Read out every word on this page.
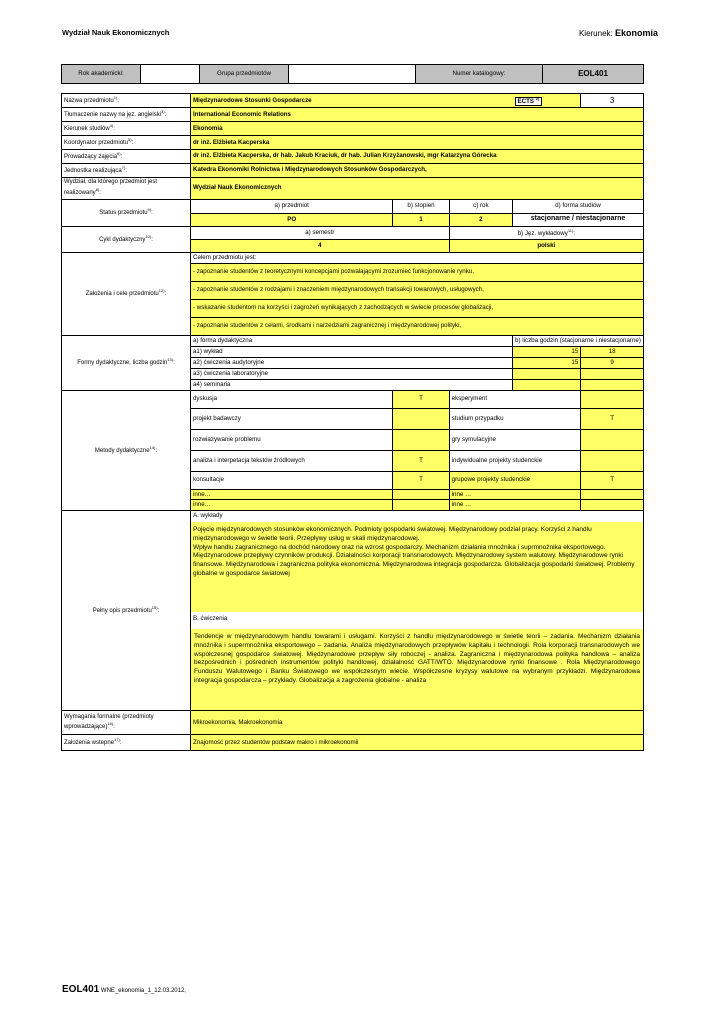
Wydział Nauk Ekonomicznych	Kierunek: Ekonomia
Rok akademicki:		Grupa przedmiotów		Numer katalogowy:	EOL401
Nazwa przedmiotu$^{1)}$:	Międzynarodowe Stosunki Gospodarcze			ECTS $^{2)}$	3
Tłumaczenie nazwy na jęz. angielski$^{3)}$:	International Economic Relations				
Kierunek studiów$^{4)}$:	Ekonomia				
Koordynator przedmiotu$^{5)}$:	dr inż. Elżbieta Kacperska				
Prowadzący zajęcia$^{6)}$:	dr inż. Elżbieta Kacperska, dr hab. Jakub Kraciuk, dr hab. Julian Krzyżanowski, mgr Katarzyna Górecka				
Jednostka realizująca$^{7)}$:	Katedra Ekonomiki Rolnictwa i Międzynarodowych Stosunków Gospodarczych,				
Wydział, dla którego przedmiot jest realizowany$^{8)}$:	Wydział Nauk Ekonomicznych				
Status przedmiotu$^{9)}$:	a) przedmiot	b) stopień	c) rok	d) forma studiów	
	PO	1	2	stacjonarne / niestacjonarne	
Cykl dydaktyczny$^{10)}$:	a) semestr		b) Jęz. wykładowy$^{11)}$:		
	4		polski		
Założenia i cele przedmiotu$^{12)}$:	Celem przedmiotu jest:				
	- zapoznanie studentów z teoretycznymi koncepcjami pozwalającymi zrozumieć funkcjonowanie rynku,				
	- zapoznanie studentów z rodzajami i znaczeniem międzynarodowych transakcji towarowych, usługowych,				
	- wskazanie studentom na korzyści i zagrożeń wynikających z zachodzących w świecie procesów globalizacji,				
	- zapoznanie studentów z celami, środkami i narzedziami zagranicznej i międzynarodowej polityki,				
Formy dydaktyczne, liczba godzin$^{13)}$:	a) forma dydaktyczna			b) liczba godzin (stacjonarne i niestacjonarne)	
	a1) wykład			15	18
	a2) ćwiczenia audytoryjne			15	9
	a3) ćwiczenia laboratoryjne				
	a4) seminaria				
Metody dydaktyczne$^{14)}$:	dyskusja	T	eksperyment		
	projekt badawczy		studium przypadku		T
	rozwiazywanie problemu		gry symulacyjne		
	analiza i interpetacja tekstów źródłowych	T	indywidualne projekty studenckie		
	konsultacje	T	grupowe projekty studenckie		T
	inne…		inne …		
	inne…		inne …		
Pełny opis przedmiotu$^{15)}$:	A. wykłady
Pojęcie międzynarodowych stosunków ekonomicznych. Podmioty gospodarki światowej. Międzynarodowy podział pracy. Korzyści z handlu międzynarodowego w świetle teorii. Przepływy usług w skali międzynarodowej.
Wpływ handlu zagranicznego na dochód narodowy oraz na wzrost gospodarczy. Mechanizm działania mnożnika i suprmnożnika eksportowego. Międzynarodowe przepływy czynników produkcji. Działalności korporacji transnarodowych. Międzynarodowy system walutowy. Międzynarodowe rynki finansowe. Międzynarodowa i zagraniczna polityka ekonomiczna. Międzynarodowa integracja gospodarcza. Globalizacja gospodarki światowej. Problemy globalne w gospodarce światowej
B. ćwiczenia
Tendencje w międzynarodowym handlu towarami i usługami. Korzyści z handlu międzynarodowego w świetle teorii – zadania. Mechanizm działania mnożnika i supermnożnika eksportowego – zadania. Analiza międzynarodowych przepływów kapitału i technologii. Rola korporacji transnarodowych we współczesnej gospodarce światowej. Międzynarodowe przepływ siły roboczej - analiza. Zagraniczna i międzynarodowa polityka handlowa – analiza bezpośrednich i pośrednich instrumentów polityki handlowej, działalność GATT/WTO. Międzynarodowe rynki finansowe . Rola Międzynarodowego Funduszu Walutowego i Banku Światowego we współczesnym wiecie. Współczesne kryzysy walutowe na wybranym przykładzi. Międzynarodowa integracja gospodarcza – przykłady. Globalizacja a zagrożenia globalne - analiza				

Wymagania formalne (przedmioty wprowadzające)$^{16)}$:	Mikroekonomia, Makroekonomia				
Założenia wstepne$^{17)}$:	Znajomość przez studentów podstaw makro i mikroekonomii				
EOL401 WNE_ekonomia_1_12.03.2012,
